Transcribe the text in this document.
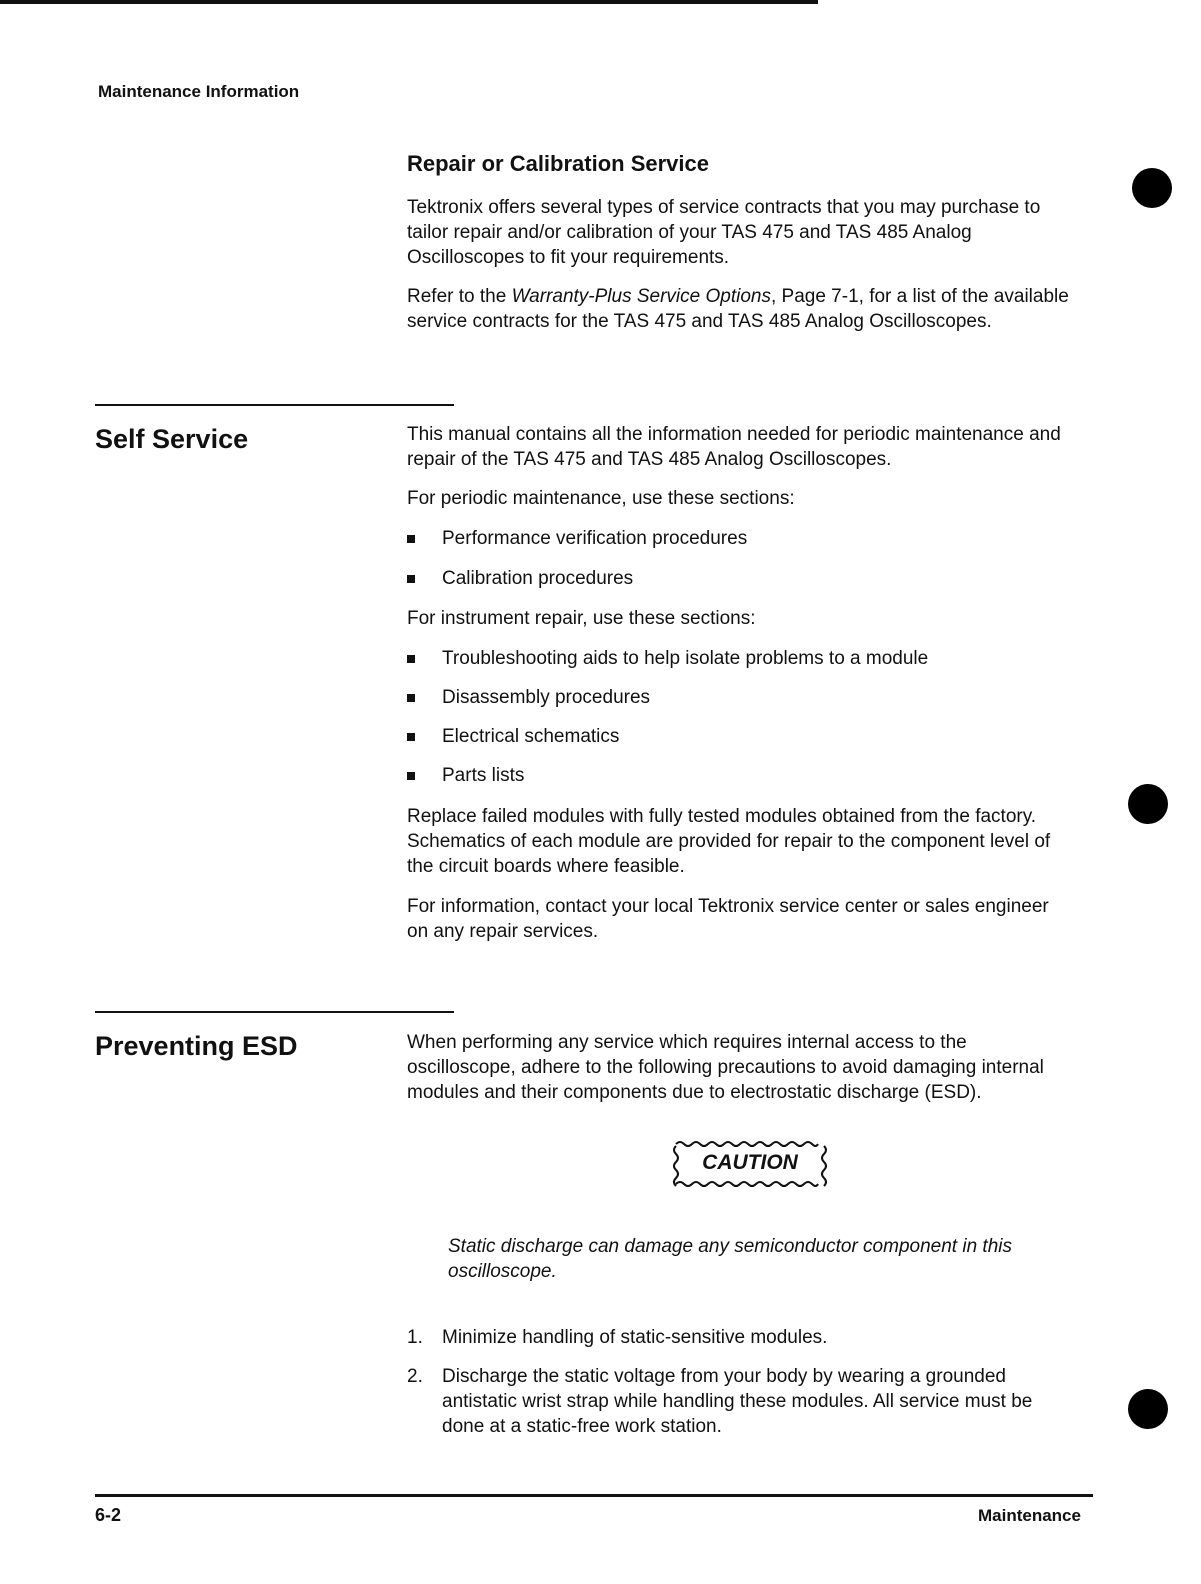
Maintenance Information
Repair or Calibration Service

Tektronix offers several types of service contracts that you may purchase to tailor repair and/or calibration of your TAS 475 and TAS 485 Analog Oscilloscopes to fit your requirements.

Refer to the Warranty-Plus Service Options, Page 7-1, for a list of the available service contracts for the TAS 475 and TAS 485 Analog Oscilloscopes.

Self Service	This manual contains all the information needed for periodic maintenance and repair of the TAS 475 and TAS 485 Analog Oscilloscopes.
For periodic maintenance, use these sections:
Performance verification procedures
Calibration procedures
For instrument repair, use these sections:
Troubleshooting aids to help isolate problems to a module
Disassembly procedures
Electrical schematics
Parts lists
Replace failed modules with fully tested modules obtained from the factory. Schematics of each module are provided for repair to the component level of the circuit boards where feasible.
For information, contact your local Tektronix service center or sales engineer on any repair services.
Preventing ESD	When performing any service which requires internal access to the oscilloscope, adhere to the following precautions to avoid damaging internal modules and their components due to electrostatic discharge (ESD).
CAUTION
Static discharge can damage any semiconductor component in this oscilloscope.
1. Minimize handling of static-sensitive modules.
2. Discharge the static voltage from your body by wearing a grounded antistatic wrist strap while handling these modules. All service must be done at a static-free work station.
6-2	Maintenance
